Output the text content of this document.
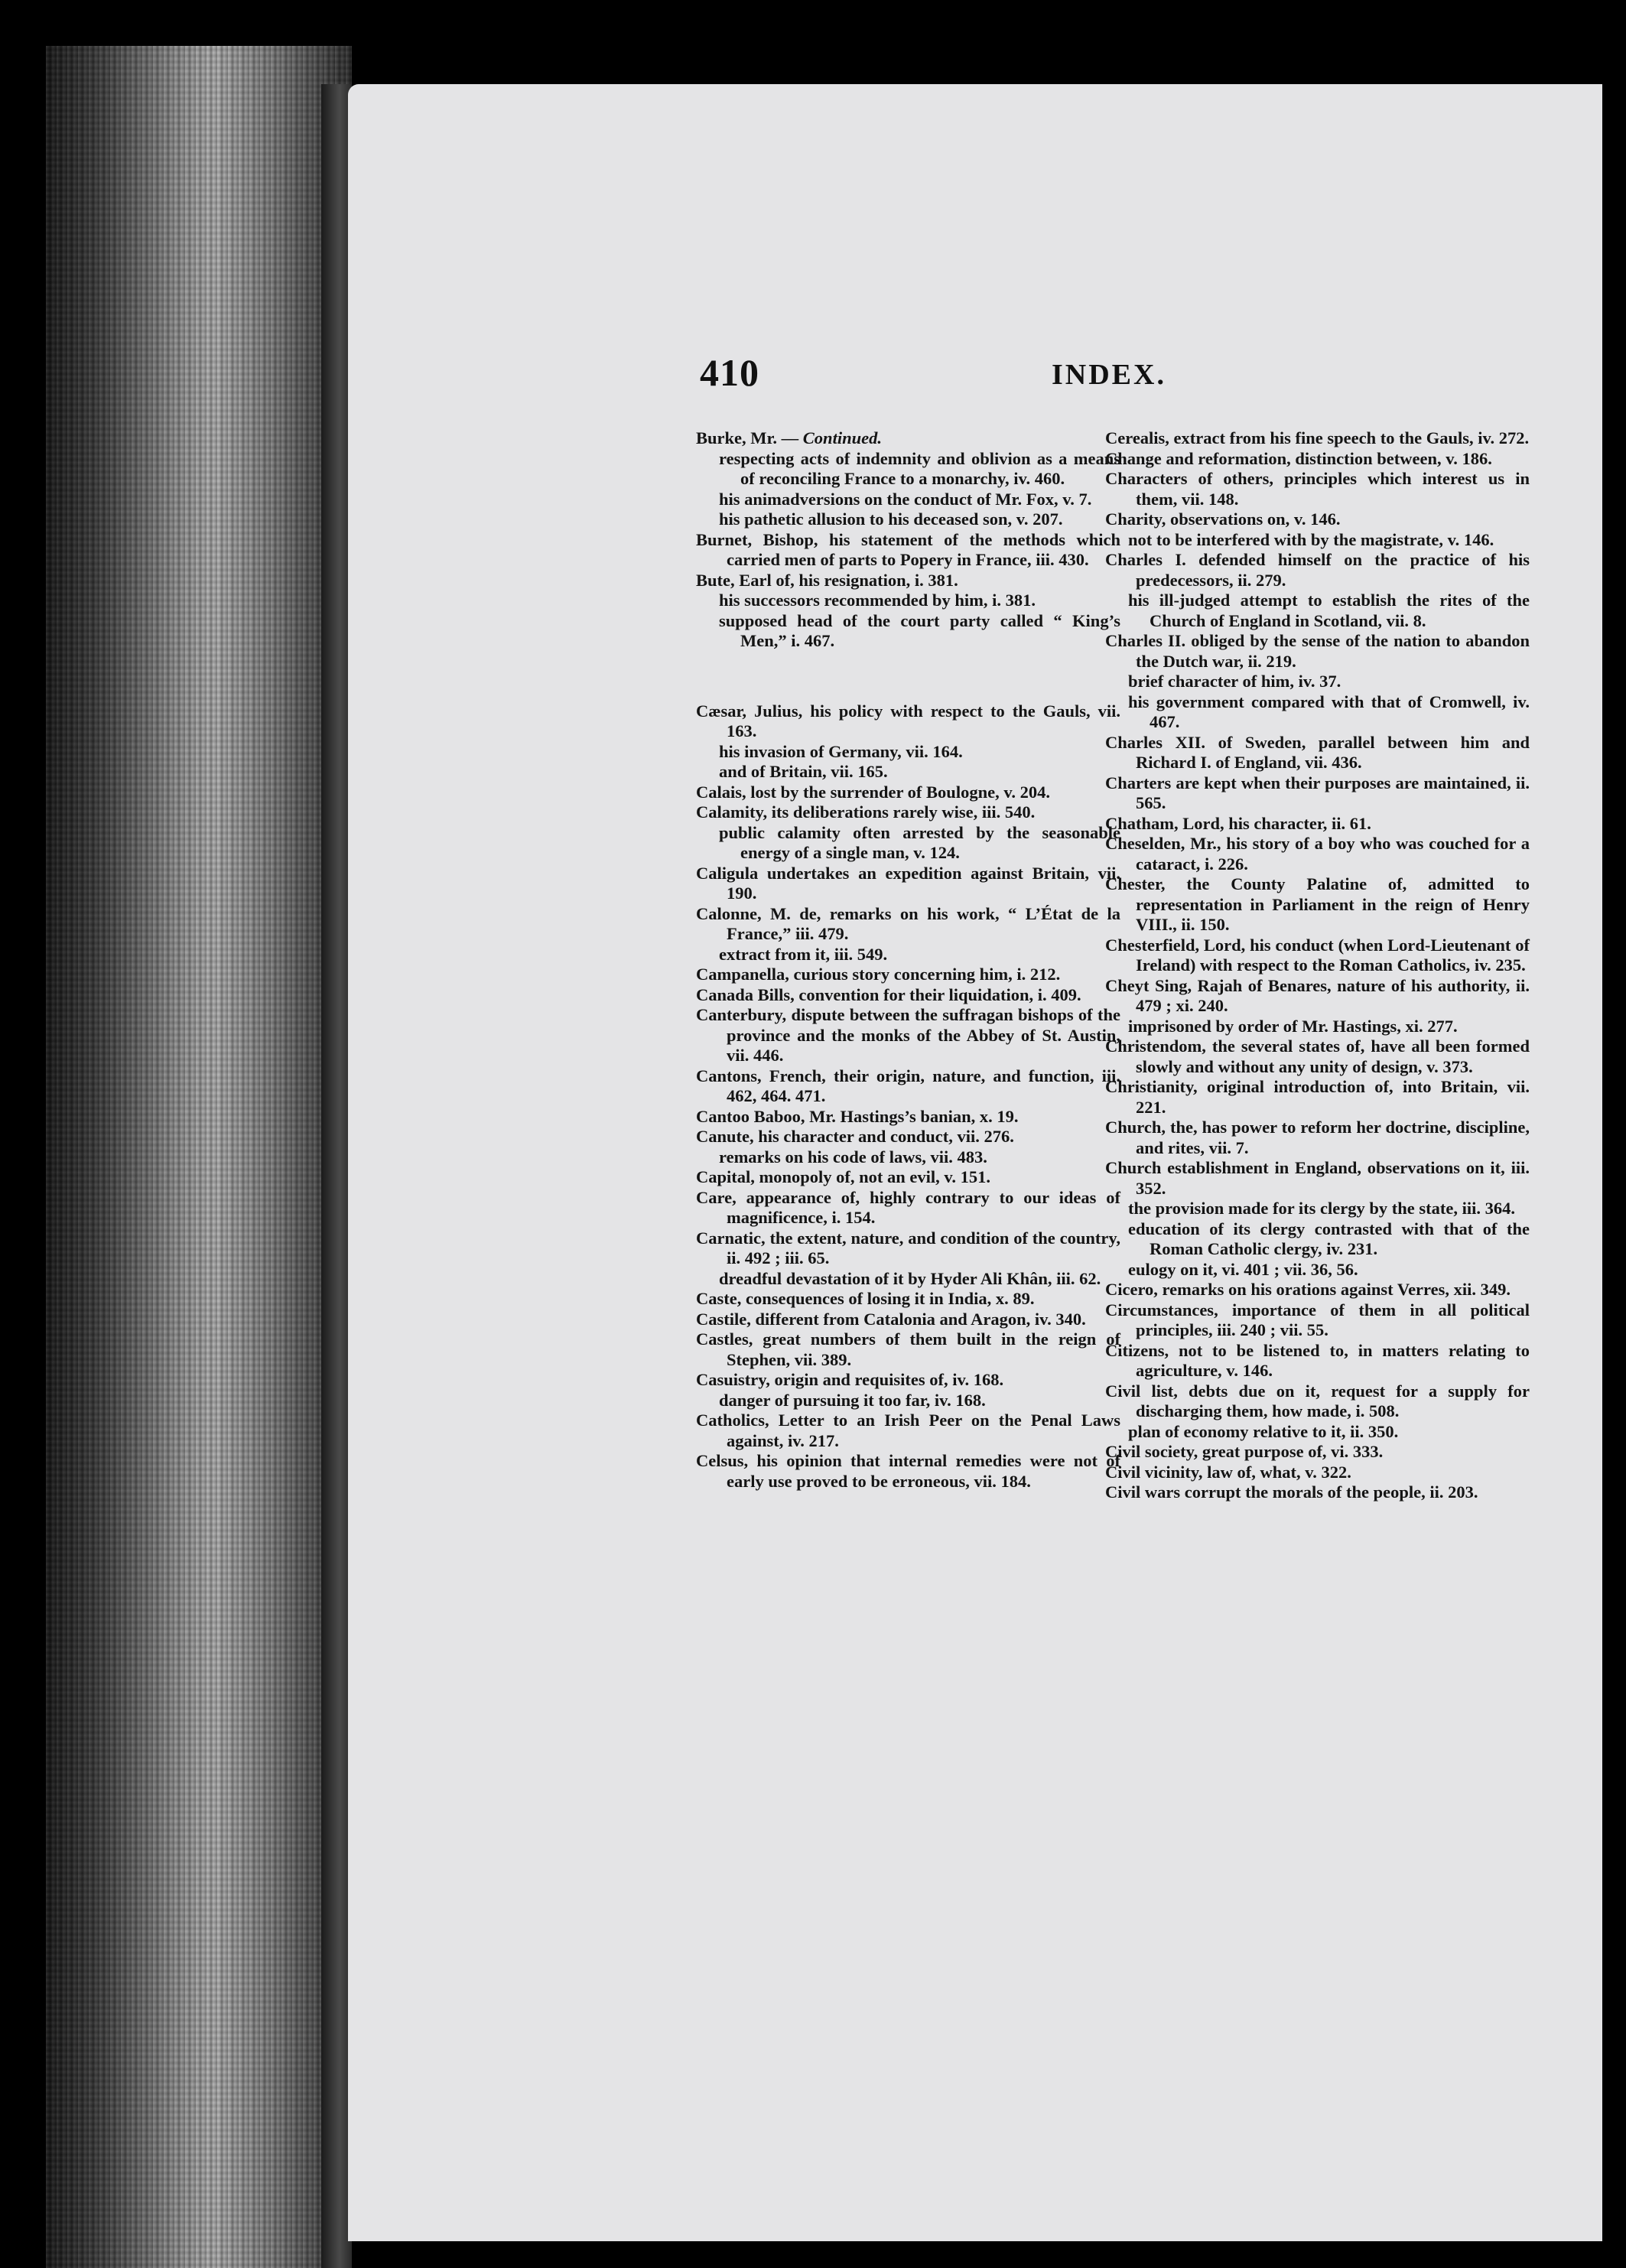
410	INDEX.

Burke, Mr. — Continued.

respecting acts of indemnity and oblivion as a means of reconciling France to a monarchy, iv. 460.

his animadversions on the conduct of Mr. Fox, v. 7.

his pathetic allusion to his deceased son, v. 207.

Burnet, Bishop, his statement of the methods which carried men of parts to Popery in France, iii. 430.

Bute, Earl of, his resignation, i. 381.

his successors recommended by him, i. 381.

supposed head of the court party called “ King’s Men,” i. 467.

Cæsar, Julius, his policy with respect to the Gauls, vii. 163.

his invasion of Germany, vii. 164.

and of Britain, vii. 165.

Calais, lost by the surrender of Boulogne, v. 204.

Calamity, its deliberations rarely wise, iii. 540.

public calamity often arrested by the seasonable energy of a single man, v. 124.

Caligula undertakes an expedition against Britain, vii. 190.

Calonne, M. de, remarks on his work, “ L’État de la France,” iii. 479.

extract from it, iii. 549.

Campanella, curious story concerning him, i. 212.

Canada Bills, convention for their liquidation, i. 409.

Canterbury, dispute between the suffragan bishops of the province and the monks of the Abbey of St. Austin, vii. 446.

Cantons, French, their origin, nature, and function, iii. 462, 464. 471.

Cantoo Baboo, Mr. Hastings’s banian, x. 19.

Canute, his character and conduct, vii. 276.

remarks on his code of laws, vii. 483.

Capital, monopoly of, not an evil, v. 151.

Care, appearance of, highly contrary to our ideas of magnificence, i. 154.

Carnatic, the extent, nature, and condition of the country, ii. 492 ; iii. 65.

dreadful devastation of it by Hyder Ali Khân, iii. 62.

Caste, consequences of losing it in India, x. 89.

Castile, different from Catalonia and Aragon, iv. 340.

Castles, great numbers of them built in the reign of Stephen, vii. 389.

Casuistry, origin and requisites of, iv. 168.

danger of pursuing it too far, iv. 168.

Catholics, Letter to an Irish Peer on the Penal Laws against, iv. 217.

Celsus, his opinion that internal remedies were not of early use proved to be erroneous, vii. 184.

Cerealis, extract from his fine speech to the Gauls, iv. 272.

Change and reformation, distinction between, v. 186.

Characters of others, principles which interest us in them, vii. 148.

Charity, observations on, v. 146.

not to be interfered with by the magistrate, v. 146.

Charles I. defended himself on the practice of his predecessors, ii. 279.

his ill-judged attempt to establish the rites of the Church of England in Scotland, vii. 8.

Charles II. obliged by the sense of the nation to abandon the Dutch war, ii. 219.

brief character of him, iv. 37.

his government compared with that of Cromwell, iv. 467.

Charles XII. of Sweden, parallel between him and Richard I. of England, vii. 436.

Charters are kept when their purposes are maintained, ii. 565.

Chatham, Lord, his character, ii. 61.

Cheselden, Mr., his story of a boy who was couched for a cataract, i. 226.

Chester, the County Palatine of, admitted to representation in Parliament in the reign of Henry VIII., ii. 150.

Chesterfield, Lord, his conduct (when Lord-Lieutenant of Ireland) with respect to the Roman Catholics, iv. 235.

Cheyt Sing, Rajah of Benares, nature of his authority, ii. 479 ; xi. 240.

imprisoned by order of Mr. Hastings, xi. 277.

Christendom, the several states of, have all been formed slowly and without any unity of design, v. 373.

Christianity, original introduction of, into Britain, vii. 221.

Church, the, has power to reform her doctrine, discipline, and rites, vii. 7.

Church establishment in England, observations on it, iii. 352.

the provision made for its clergy by the state, iii. 364.

education of its clergy contrasted with that of the Roman Catholic clergy, iv. 231.

eulogy on it, vi. 401 ; vii. 36, 56.

Cicero, remarks on his orations against Verres, xii. 349.

Circumstances, importance of them in all political principles, iii. 240 ; vii. 55.

Citizens, not to be listened to, in matters relating to agriculture, v. 146.

Civil list, debts due on it, request for a supply for discharging them, how made, i. 508.

plan of economy relative to it, ii. 350.

Civil society, great purpose of, vi. 333.

Civil vicinity, law of, what, v. 322.

Civil wars corrupt the morals of the people, ii. 203.
